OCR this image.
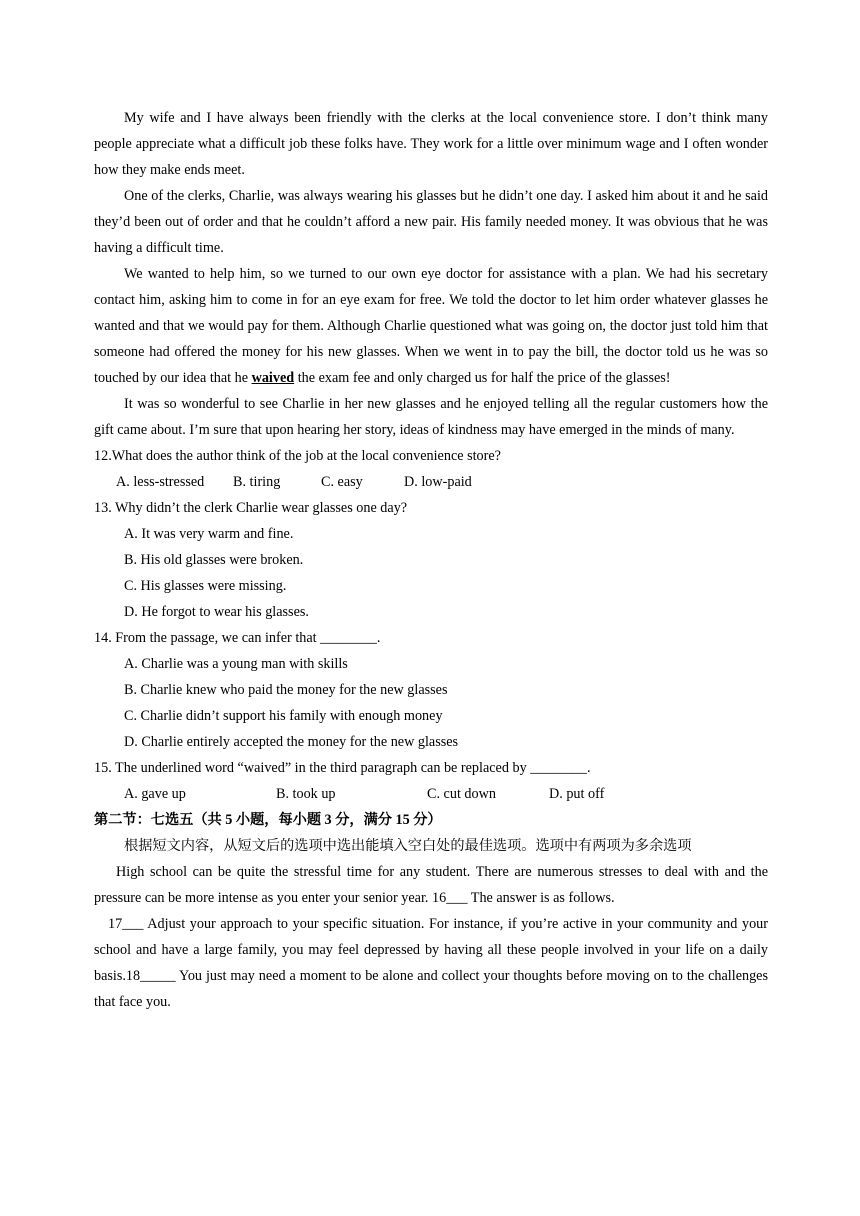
My wife and I have always been friendly with the clerks at the local convenience store. I don’t think many people appreciate what a difficult job these folks have. They work for a little over minimum wage and I often wonder how they make ends meet.

One of the clerks, Charlie, was always wearing his glasses but he didn’t one day. I asked him about it and he said they’d been out of order and that he couldn’t afford a new pair. His family needed money. It was obvious that he was having a difficult time.

We wanted to help him, so we turned to our own eye doctor for assistance with a plan. We had his secretary contact him, asking him to come in for an eye exam for free. We told the doctor to let him order whatever glasses he wanted and that we would pay for them. Although Charlie questioned what was going on, the doctor just told him that someone had offered the money for his new glasses. When we went in to pay the bill, the doctor told us he was so touched by our idea that he waived the exam fee and only charged us for half the price of the glasses!

It was so wonderful to see Charlie in her new glasses and he enjoyed telling all the regular customers how the gift came about. I’m sure that upon hearing her story, ideas of kindness may have emerged in the minds of many.

12.What does the author think of the job at the local convenience store?

A. less-stressed	B. tiring	C. easy	D. low-paid

13. Why didn’t the clerk Charlie wear glasses one day?

A. It was very warm and fine.

B. His old glasses were broken.

C. His glasses were missing.

D. He forgot to wear his glasses.

14. From the passage, we can infer that ________.

A. Charlie was a young man with skills

B. Charlie knew who paid the money for the new glasses

C. Charlie didn’t support his family with enough money

D. Charlie entirely accepted the money for the new glasses

15. The underlined word “waived” in the third paragraph can be replaced by ________.

A. gave up	B. took up	C. cut down	D. put off

第二节：七选五（共 5 小题，每小题 3 分，满分 15 分）

根据短文内容，从短文后的选项中选出能填入空白处的最佳选项。选项中有两项为多余选项

High school can be quite the stressful time for any student. There are numerous stresses to deal with and the pressure can be more intense as you enter your senior year. 16___ The answer is as follows.

17___ Adjust your approach to your specific situation. For instance, if you’re active in your community and your school and have a large family, you may feel depressed by having all these people involved in your life on a daily basis.18_____ You just may need a moment to be alone and collect your thoughts before moving on to the challenges that face you.
